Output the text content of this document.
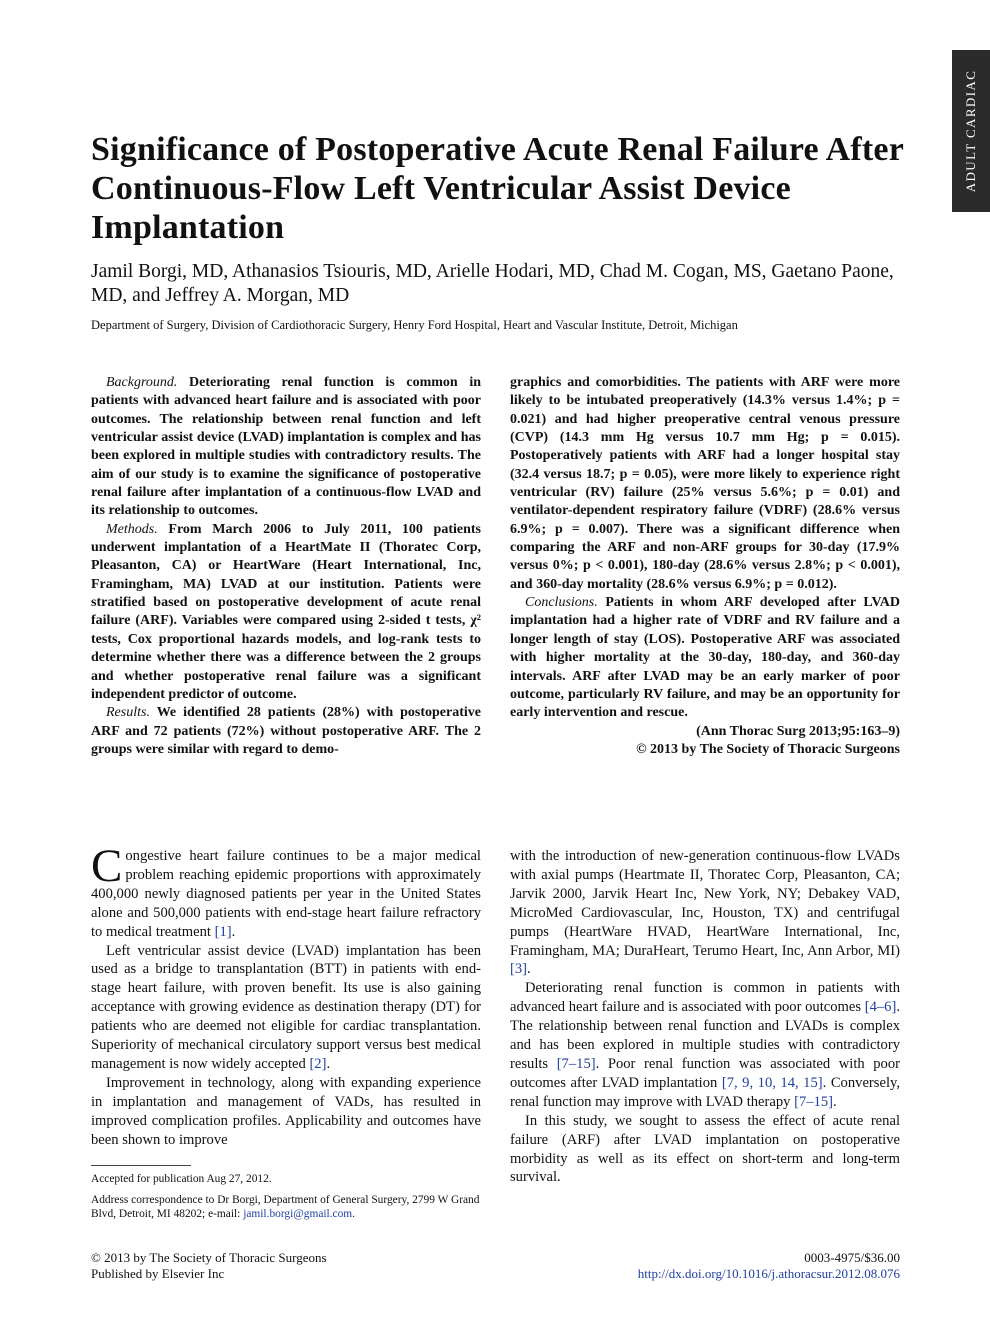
ADULT CARDIAC
Significance of Postoperative Acute Renal Failure After Continuous-Flow Left Ventricular Assist Device Implantation
Jamil Borgi, MD, Athanasios Tsiouris, MD, Arielle Hodari, MD, Chad M. Cogan, MS, Gaetano Paone, MD, and Jeffrey A. Morgan, MD
Department of Surgery, Division of Cardiothoracic Surgery, Henry Ford Hospital, Heart and Vascular Institute, Detroit, Michigan

Background. Deteriorating renal function is common in patients with advanced heart failure and is associated with poor outcomes. The relationship between renal function and left ventricular assist device (LVAD) implantation is complex and has been explored in multiple studies with contradictory results. The aim of our study is to examine the significance of postoperative renal failure after implantation of a continuous-flow LVAD and its relationship to outcomes.

Methods. From March 2006 to July 2011, 100 patients underwent implantation of a HeartMate II (Thoratec Corp, Pleasanton, CA) or HeartWare (Heart International, Inc, Framingham, MA) LVAD at our institution. Patients were stratified based on postoperative development of acute renal failure (ARF). Variables were compared using 2-sided t tests, χ² tests, Cox proportional hazards models, and log-rank tests to determine whether there was a difference between the 2 groups and whether postoperative renal failure was a significant independent predictor of outcome.

Results. We identified 28 patients (28%) with postoperative ARF and 72 patients (72%) without postoperative ARF. The 2 groups were similar with regard to demo-

graphics and comorbidities. The patients with ARF were more likely to be intubated preoperatively (14.3% versus 1.4%; p = 0.021) and had higher preoperative central venous pressure (CVP) (14.3 mm Hg versus 10.7 mm Hg; p = 0.015). Postoperatively patients with ARF had a longer hospital stay (32.4 versus 18.7; p = 0.05), were more likely to experience right ventricular (RV) failure (25% versus 5.6%; p = 0.01) and ventilator-dependent respiratory failure (VDRF) (28.6% versus 6.9%; p = 0.007). There was a significant difference when comparing the ARF and non-ARF groups for 30-day (17.9% versus 0%; p < 0.001), 180-day (28.6% versus 2.8%; p < 0.001), and 360-day mortality (28.6% versus 6.9%; p = 0.012).

Conclusions. Patients in whom ARF developed after LVAD implantation had a higher rate of VDRF and RV failure and a longer length of stay (LOS). Postoperative ARF was associated with higher mortality at the 30-day, 180-day, and 360-day intervals. ARF after LVAD may be an early marker of poor outcome, particularly RV failure, and may be an opportunity for early intervention and rescue.

(Ann Thorac Surg 2013;95:163–9)

© 2013 by The Society of Thoracic Surgeons

Congestive heart failure continues to be a major medical problem reaching epidemic proportions with approximately 400,000 newly diagnosed patients per year in the United States alone and 500,000 patients with end-stage heart failure refractory to medical treatment [1].

Left ventricular assist device (LVAD) implantation has been used as a bridge to transplantation (BTT) in patients with end-stage heart failure, with proven benefit. Its use is also gaining acceptance with growing evidence as destination therapy (DT) for patients who are deemed not eligible for cardiac transplantation. Superiority of mechanical circulatory support versus best medical management is now widely accepted [2].

Improvement in technology, along with expanding experience in implantation and management of VADs, has resulted in improved complication profiles. Applicability and outcomes have been shown to improve

with the introduction of new-generation continuous-flow LVADs with axial pumps (Heartmate II, Thoratec Corp, Pleasanton, CA; Jarvik 2000, Jarvik Heart Inc, New York, NY; Debakey VAD, MicroMed Cardiovascular, Inc, Houston, TX) and centrifugal pumps (HeartWare HVAD, HeartWare International, Inc, Framingham, MA; DuraHeart, Terumo Heart, Inc, Ann Arbor, MI) [3].

Deteriorating renal function is common in patients with advanced heart failure and is associated with poor outcomes [4–6]. The relationship between renal function and LVADs is complex and has been explored in multiple studies with contradictory results [7–15]. Poor renal function was associated with poor outcomes after LVAD implantation [7, 9, 10, 14, 15]. Conversely, renal function may improve with LVAD therapy [7–15].

In this study, we sought to assess the effect of acute renal failure (ARF) after LVAD implantation on postoperative morbidity as well as its effect on short-term and long-term survival.

Accepted for publication Aug 27, 2012.

Address correspondence to Dr Borgi, Department of General Surgery, 2799 W Grand Blvd, Detroit, MI 48202; e-mail: jamil.borgi@gmail.com.

© 2013 by The Society of Thoracic Surgeons
Published by Elsevier Inc
0003-4975/$36.00
http://dx.doi.org/10.1016/j.athoracsur.2012.08.076
